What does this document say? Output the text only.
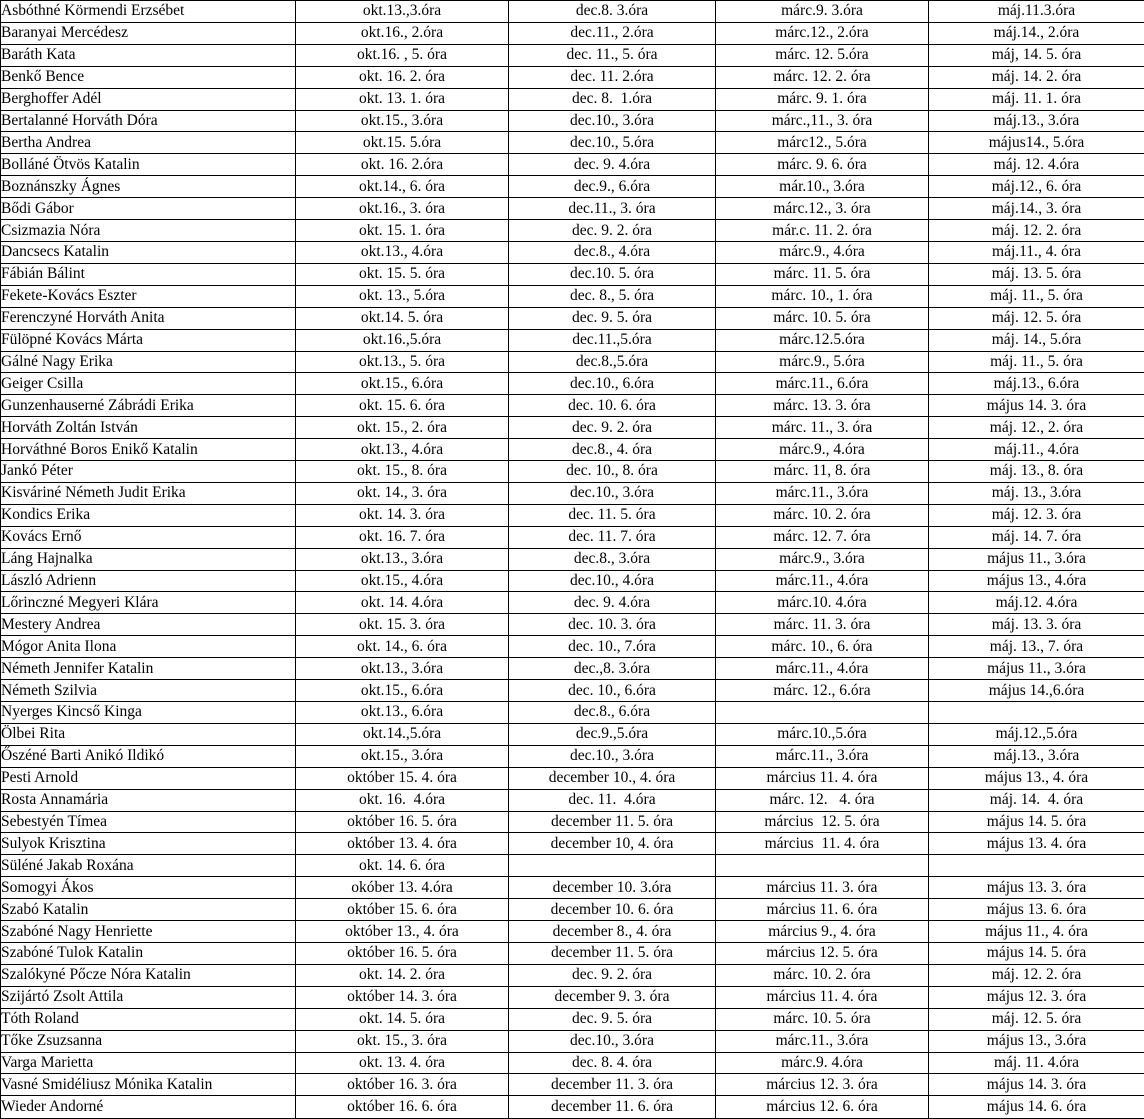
Asbóthné Körmendi Erzsébet	okt.13.,3.óra	dec.8. 3.óra	márc.9. 3.óra	máj.11.3.óra
Baranyai Mercédesz	okt.16., 2.óra	dec.11., 2.óra	márc.12., 2.óra	máj.14., 2.óra
Baráth Kata	okt.16. , 5. óra	dec. 11., 5. óra	márc. 12. 5.óra	máj, 14. 5. óra
Benkő Bence	okt. 16. 2. óra	dec. 11. 2.óra	márc. 12. 2. óra	máj. 14. 2. óra
Berghoffer Adél	okt. 13. 1. óra	dec. 8.  1.óra	márc. 9. 1. óra	máj. 11. 1. óra
Bertalanné Horváth Dóra	okt.15., 3.óra	dec.10., 3.óra	márc.,11., 3. óra	máj.13., 3.óra
Bertha Andrea	okt.15. 5.óra	dec.10., 5.óra	márc12., 5.óra	május14., 5.óra
Bolláné Ötvös Katalin	okt. 16. 2.óra	dec. 9. 4.óra	márc. 9. 6. óra	máj. 12. 4.óra
Boznánszky Ágnes	okt.14., 6. óra	dec.9., 6.óra	már.10., 3.óra	máj.12., 6. óra
Bődi Gábor	okt.16., 3. óra	dec.11., 3. óra	márc.12., 3. óra	máj.14., 3. óra
Csizmazia Nóra	okt. 15. 1. óra	dec. 9. 2. óra	már.c. 11. 2. óra	máj. 12. 2. óra
Dancsecs Katalin	okt.13., 4.óra	dec.8., 4.óra	márc.9., 4.óra	máj.11., 4. óra
Fábián Bálint	okt. 15. 5. óra	dec.10. 5. óra	márc. 11. 5. óra	máj. 13. 5. óra
Fekete-Kovács Eszter	okt. 13., 5.óra	dec. 8., 5. óra	márc. 10., 1. óra	máj. 11., 5. óra
Ferenczyné Horváth Anita	okt.14. 5. óra	dec. 9. 5. óra	márc. 10. 5. óra	máj. 12. 5. óra
Fülöpné Kovács Márta	okt.16.,5.óra	dec.11.,5.óra	márc.12.5.óra	máj. 14., 5.óra
Gálné Nagy Erika	okt.13., 5. óra	dec.8.,5.óra	márc.9., 5.óra	máj. 11., 5. óra
Geiger Csilla	okt.15., 6.óra	dec.10., 6.óra	márc.11., 6.óra	máj.13., 6.óra
Gunzenhauserné Zábrádi Erika	okt. 15. 6. óra	dec. 10. 6. óra	márc. 13. 3. óra	május 14. 3. óra
Horváth Zoltán István	okt. 15., 2. óra	dec. 9. 2. óra	márc. 11., 3. óra	máj. 12., 2. óra
Horváthné Boros Enikő Katalin	okt.13., 4.óra	dec.8., 4. óra	márc.9., 4.óra	máj.11., 4.óra
Jankó Péter	okt. 15., 8. óra	dec. 10., 8. óra	márc. 11, 8. óra	máj. 13., 8. óra
Kisváriné Németh Judit Erika	okt. 14., 3. óra	dec.10., 3.óra	márc.11., 3.óra	máj. 13., 3.óra
Kondics Erika	okt. 14. 3. óra	dec. 11. 5. óra	márc. 10. 2. óra	máj. 12. 3. óra
Kovács Ernő	okt. 16. 7. óra	dec. 11. 7. óra	márc. 12. 7. óra	máj. 14. 7. óra
Láng Hajnalka	okt.13., 3.óra	dec.8., 3.óra	márc.9., 3.óra	május 11., 3.óra
László Adrienn	okt.15., 4.óra	dec.10., 4.óra	márc.11., 4.óra	május 13., 4.óra
Lőrinczné Megyeri Klára	okt. 14. 4.óra	dec. 9. 4.óra	márc.10. 4.óra	máj.12. 4.óra
Mestery Andrea	okt. 15. 3. óra	dec. 10. 3. óra	márc. 11. 3. óra	máj. 13. 3. óra
Mógor Anita Ilona	okt. 14., 6. óra	dec. 10., 7.óra	márc. 10., 6. óra	máj. 13., 7. óra
Németh Jennifer Katalin	okt.13., 3.óra	dec.,8. 3.óra	márc.11., 4.óra	május 11., 3.óra
Németh Szilvia	okt.15., 6.óra	dec. 10., 6.óra	márc. 12., 6.óra	május 14.,6.óra
Nyerges Kincső Kinga	okt.13., 6.óra	dec.8., 6.óra		
Ölbei Rita	okt.14.,5.óra	dec.9.,5.óra	márc.10.,5.óra	máj.12.,5.óra
Őszéné Barti Anikó Ildikó	okt.15., 3.óra	dec.10., 3.óra	márc.11., 3.óra	máj.13., 3.óra
Pesti Arnold	október 15. 4. óra	december 10., 4. óra	március 11. 4. óra	május 13., 4. óra
Rosta Annamária	okt. 16.  4.óra	dec. 11.  4.óra	márc. 12.   4. óra	máj. 14.  4. óra
Sebestyén Tímea	október 16. 5. óra	december 11. 5. óra	március  12. 5. óra	május 14. 5. óra
Sulyok Krisztina	október 13. 4. óra	december 10, 4. óra	március  11. 4. óra	május 13. 4. óra
Süléné Jakab Roxána	okt. 14. 6. óra			
Somogyi Ákos	okóber 13. 4.óra	december 10. 3.óra	március 11. 3. óra	május 13. 3. óra
Szabó Katalin	október 15. 6. óra	december 10. 6. óra	március 11. 6. óra	május 13. 6. óra
Szabóné Nagy Henriette	október 13., 4. óra	december 8., 4. óra	március 9., 4. óra	május 11., 4. óra
Szabóné Tulok Katalin	október 16. 5. óra	december 11. 5. óra	március 12. 5. óra	május 14. 5. óra
Szalókyné Pőcze Nóra Katalin	okt. 14. 2. óra	dec. 9. 2. óra	márc. 10. 2. óra	máj. 12. 2. óra
Szijártó Zsolt Attila	október 14. 3. óra	december 9. 3. óra	március 11. 4. óra	május 12. 3. óra
Tóth Roland	okt. 14. 5. óra	dec. 9. 5. óra	márc. 10. 5. óra	máj. 12. 5. óra
Tőke Zsuzsanna	okt. 15., 3. óra	dec.10., 3.óra	márc.11., 3.óra	május 13., 3.óra
Varga Marietta	okt. 13. 4. óra	dec. 8. 4. óra	márc.9. 4.óra	máj. 11. 4.óra
Vasné Smidéliusz Mónika Katalin	október 16. 3. óra	december 11. 3. óra	március 12. 3. óra	május 14. 3. óra
Wieder Andorné	október 16. 6. óra	december 11. 6. óra	március 12. 6. óra	május 14. 6. óra
